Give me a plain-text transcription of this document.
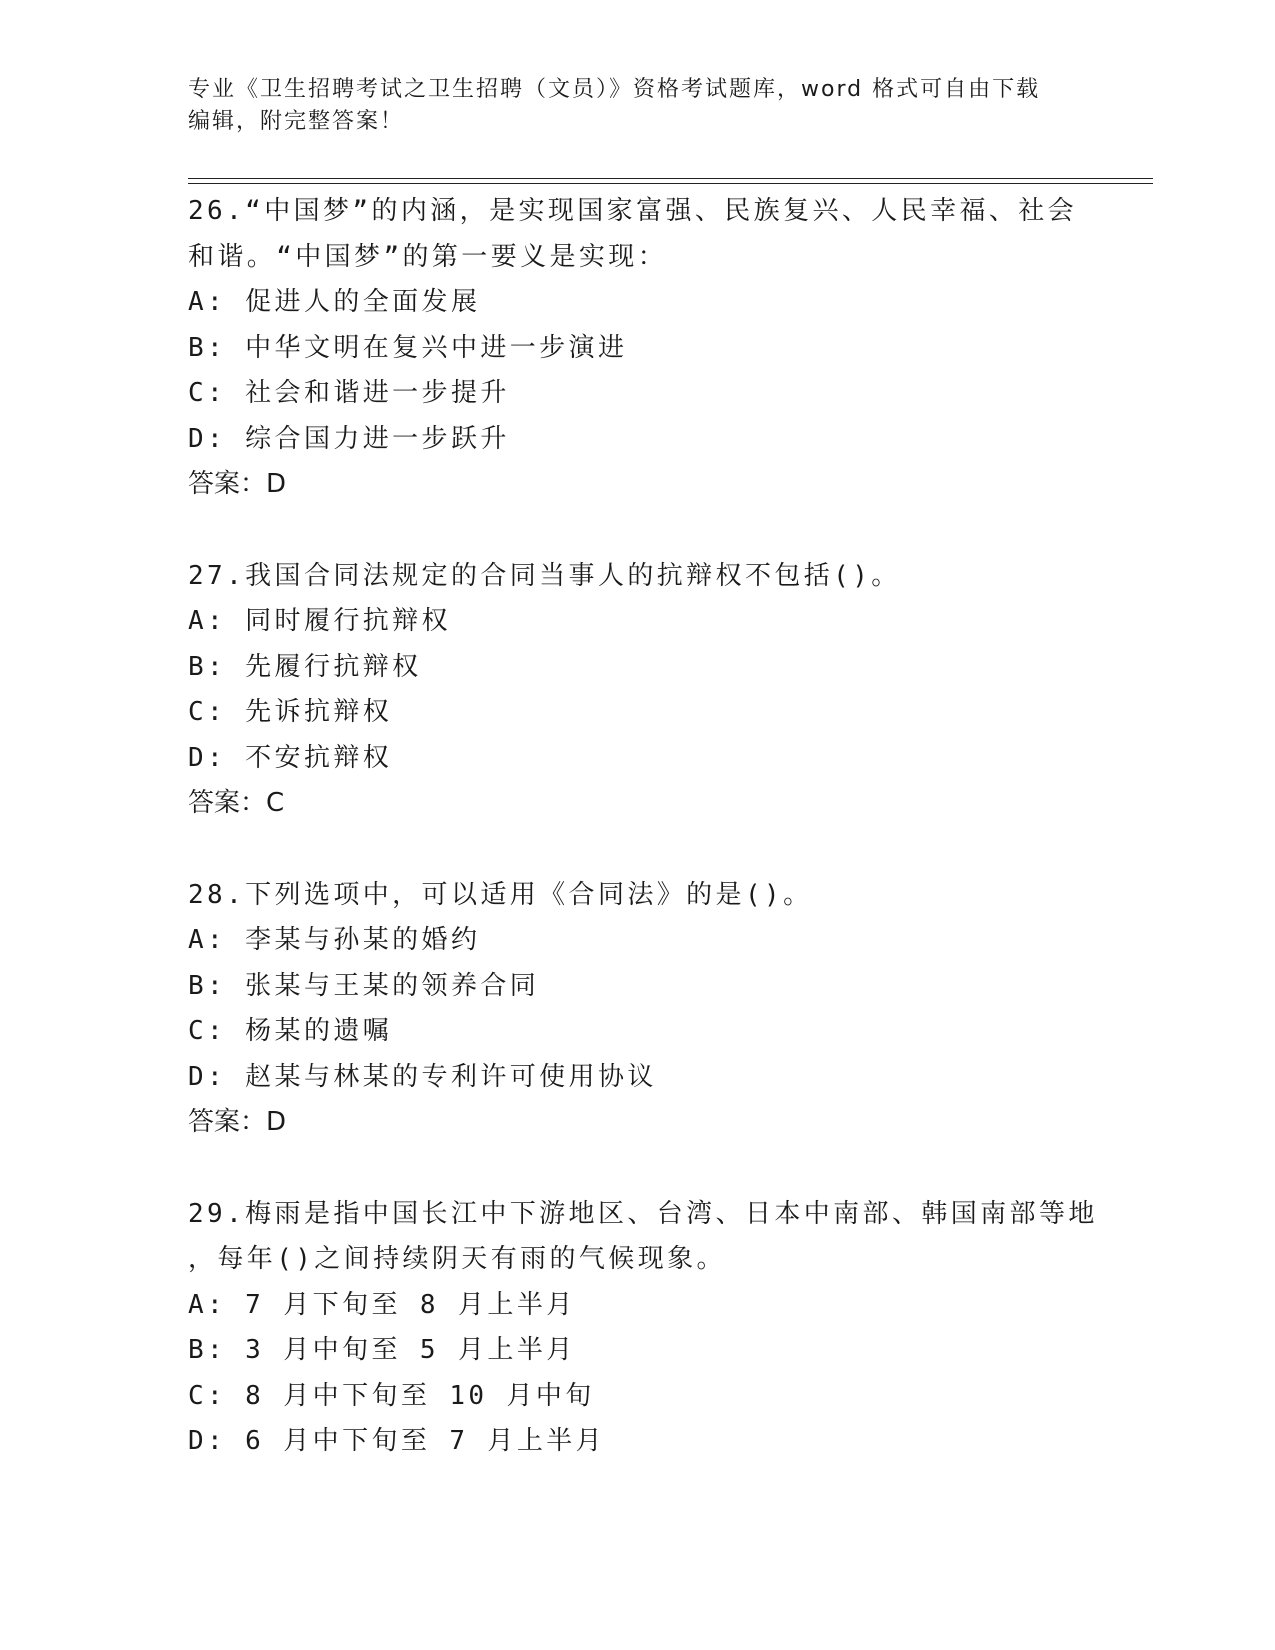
专业《卫生招聘考试之卫生招聘（文员）》资格考试题库，word 格式可自由下载
编辑，附完整答案！
26.“中国梦”的内涵，是实现国家富强、民族复兴、人民幸福、社会
和谐。“中国梦”的第一要义是实现：
A: 促进人的全面发展
B: 中华文明在复兴中进一步演进
C: 社会和谐进一步提升
D: 综合国力进一步跃升
答案：D
27.我国合同法规定的合同当事人的抗辩权不包括()。
A: 同时履行抗辩权
B: 先履行抗辩权
C: 先诉抗辩权
D: 不安抗辩权
答案：C
28.下列选项中，可以适用《合同法》的是()。
A: 李某与孙某的婚约
B: 张某与王某的领养合同
C: 杨某的遗嘱
D: 赵某与林某的专利许可使用协议
答案：D
29.梅雨是指中国长江中下游地区、台湾、日本中南部、韩国南部等地
，每年()之间持续阴天有雨的气候现象。
A: 7 月下旬至 8 月上半月
B: 3 月中旬至 5 月上半月
C: 8 月中下旬至 10 月中旬
D: 6 月中下旬至 7 月上半月
